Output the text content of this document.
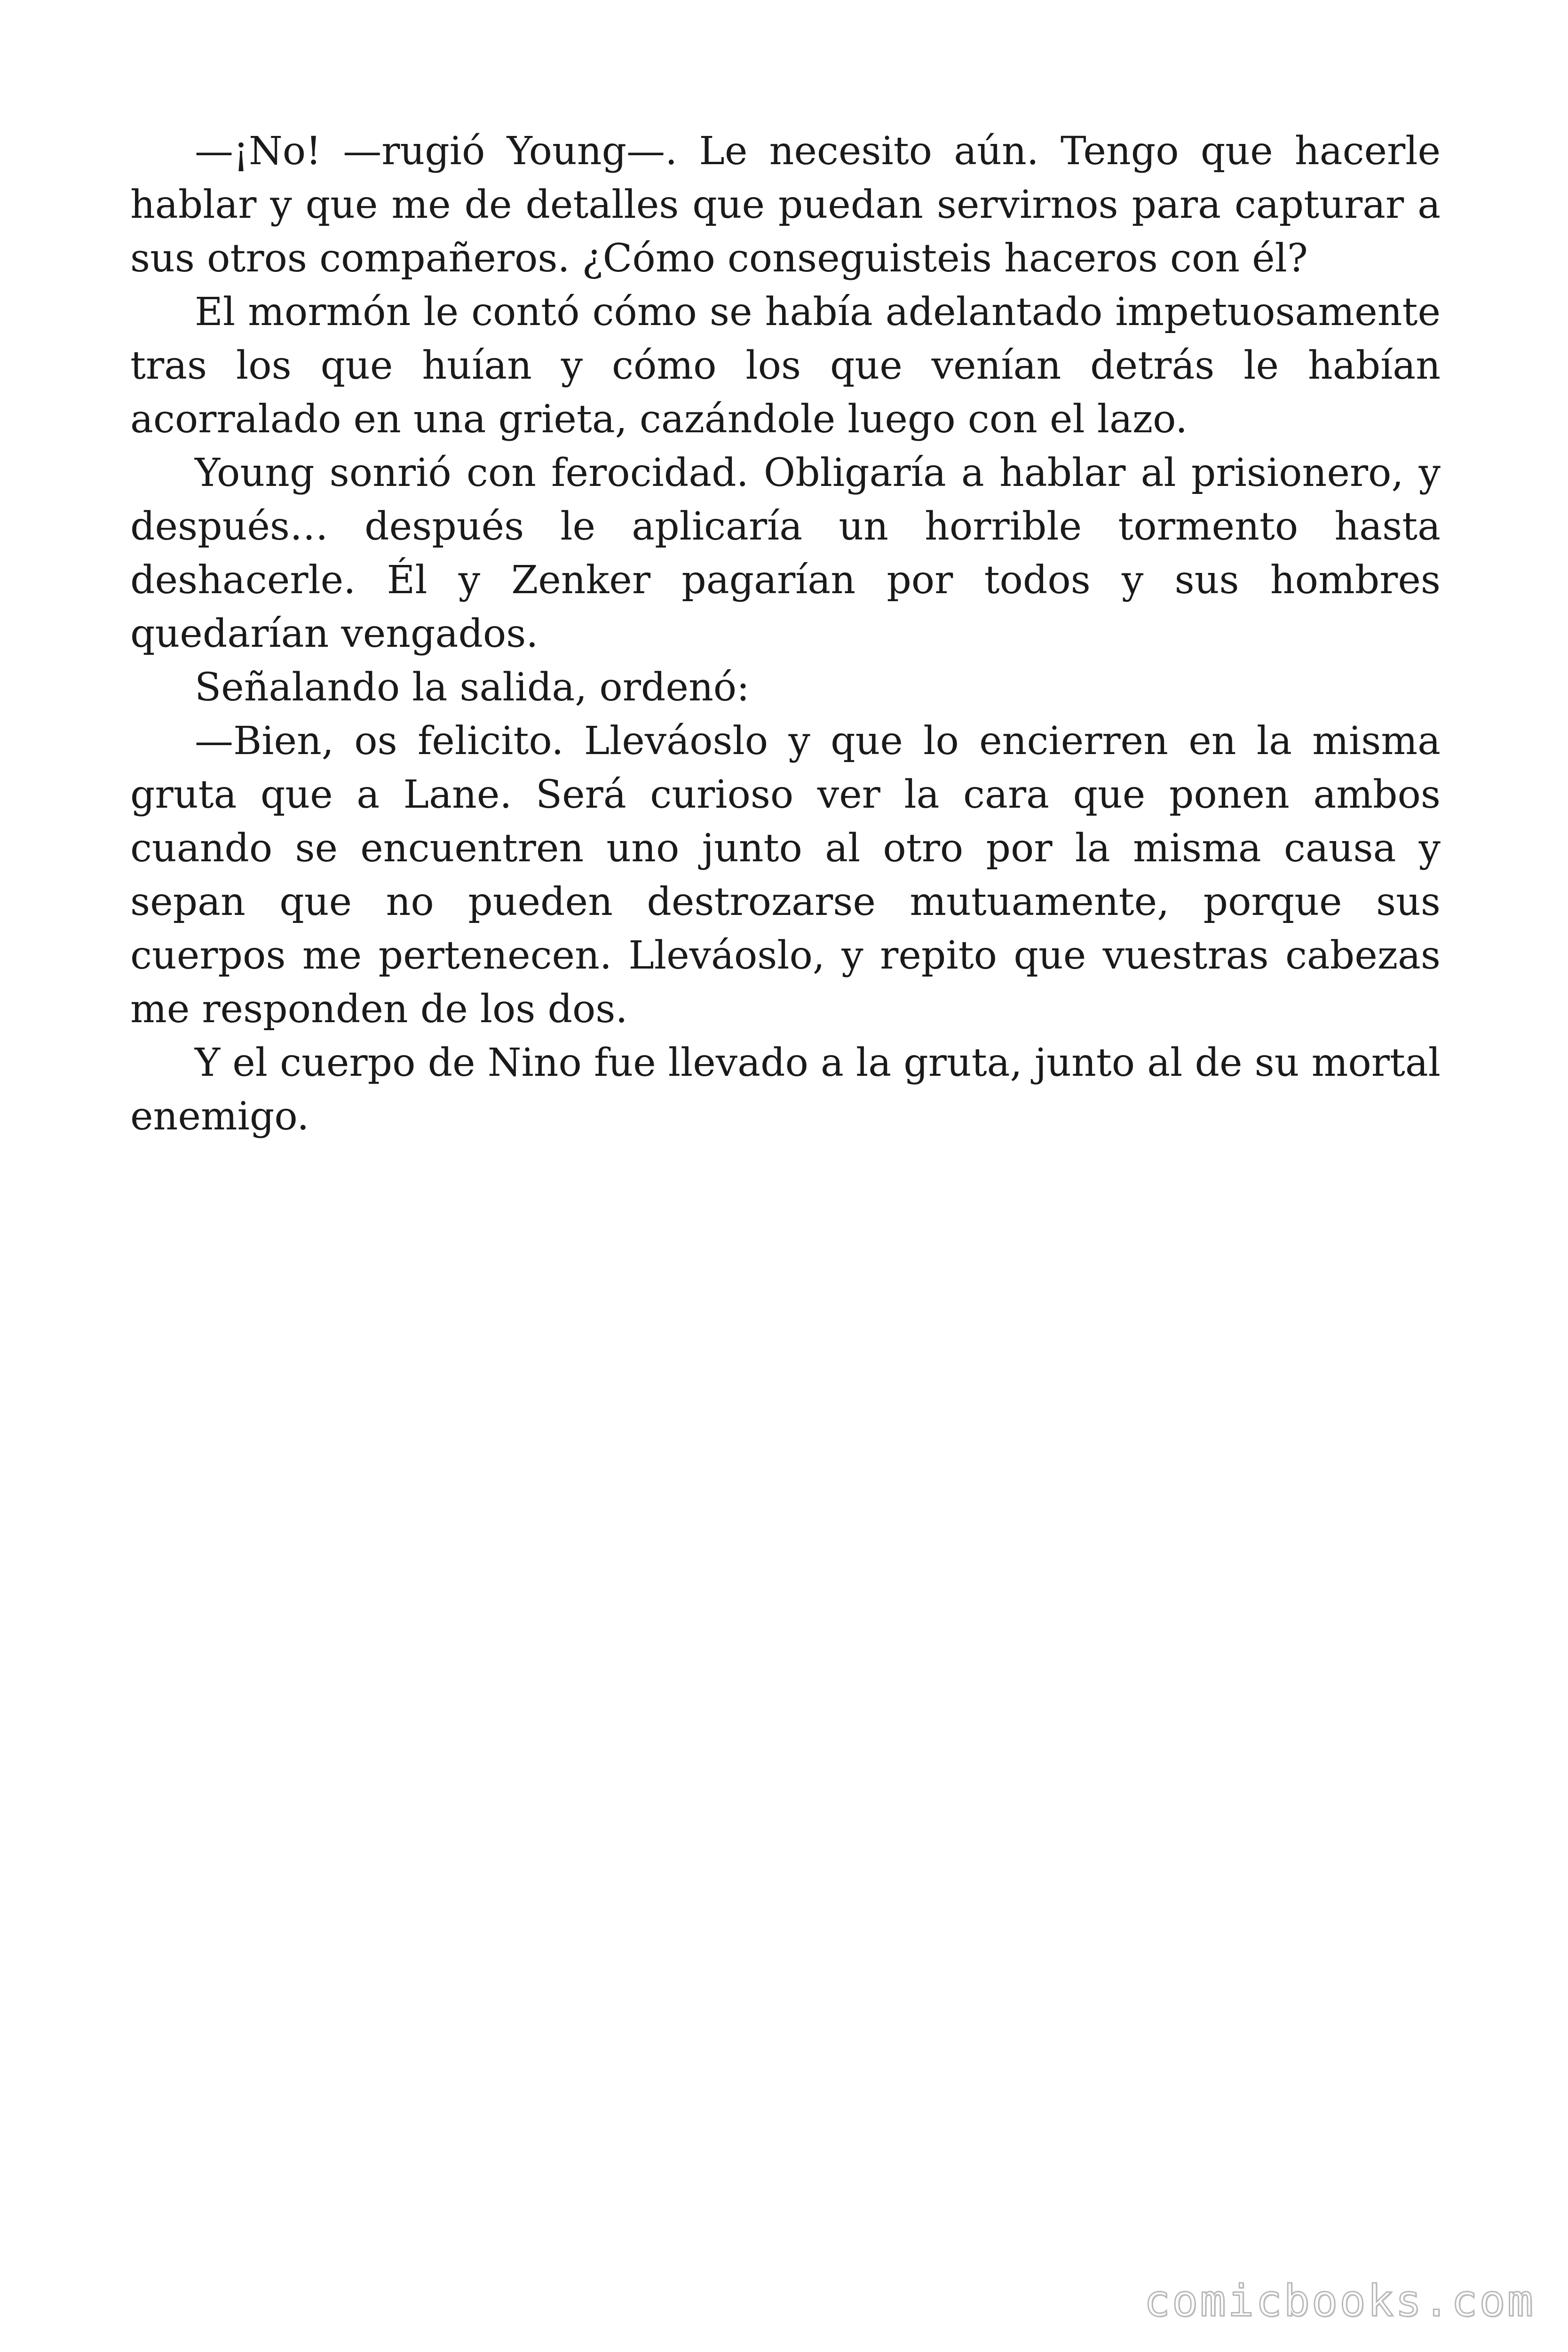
—¡No! —rugió Young—. Le necesito aún. Tengo que hacerle hablar y que me de detalles que puedan servirnos para capturar a sus otros compañeros. ¿Cómo conseguisteis haceros con él?

El mormón le contó cómo se había adelantado impetuosamente tras los que huían y cómo los que venían detrás le habían acorralado en una grieta, cazándole luego con el lazo.

Young sonrió con ferocidad. Obligaría a hablar al prisionero, y después… después le aplicaría un horrible tormento hasta deshacerle. Él y Zenker pagarían por todos y sus hombres quedarían vengados.

Señalando la salida, ordenó:

—Bien, os felicito. Lleváoslo y que lo encierren en la misma gruta que a Lane. Será curioso ver la cara que ponen ambos cuando se encuentren uno junto al otro por la misma causa y sepan que no pueden destrozarse mutuamente, porque sus cuerpos me pertenecen. Lleváoslo, y repito que vuestras cabezas me responden de los dos.

Y el cuerpo de Nino fue llevado a la gruta, junto al de su mortal enemigo.

comicbooks.com
